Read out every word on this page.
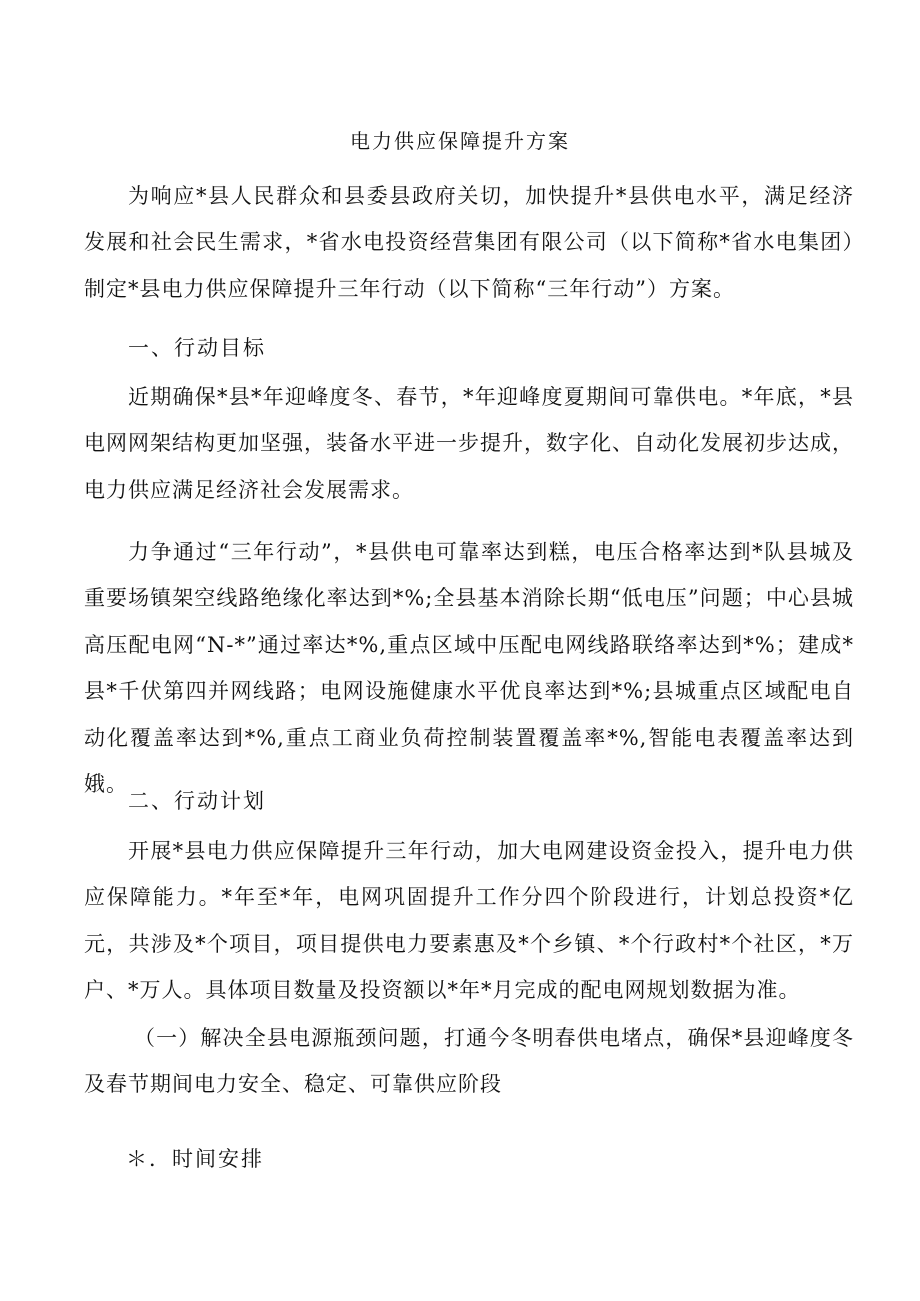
电力供应保障提升方案

为响应*县人民群众和县委县政府关切，加快提升*县供电水平，满足经济发展和社会民生需求，*省水电投资经营集团有限公司（以下简称*省水电集团）制定*县电力供应保障提升三年行动（以下简称“三年行动”）方案。

一、行动目标

近期确保*县*年迎峰度冬、春节，*年迎峰度夏期间可靠供电。*年底，*县电网网架结构更加坚强，装备水平进一步提升，数字化、自动化发展初步达成，电力供应满足经济社会发展需求。

力争通过“三年行动”，*县供电可靠率达到糕，电压合格率达到*队县城及重要场镇架空线路绝缘化率达到*%;全县基本消除长期“低电压”问题；中心县城高压配电网“N-*”通过率达*%,重点区域中压配电网线路联络率达到*%；建成*县*千伏第四并网线路；电网设施健康水平优良率达到*%;县城重点区域配电自动化覆盖率达到*%,重点工商业负荷控制装置覆盖率*%,智能电表覆盖率达到娥。

二、行动计划

开展*县电力供应保障提升三年行动，加大电网建设资金投入，提升电力供应保障能力。*年至*年，电网巩固提升工作分四个阶段进行，计划总投资*亿元，共涉及*个项目，项目提供电力要素惠及*个乡镇、*个行政村*个社区，*万户、*万人。具体项目数量及投资额以*年*月完成的配电网规划数据为准。

（一）解决全县电源瓶颈问题，打通今冬明春供电堵点，确保*县迎峰度冬及春节期间电力安全、稳定、可靠供应阶段

＊．时间安排
